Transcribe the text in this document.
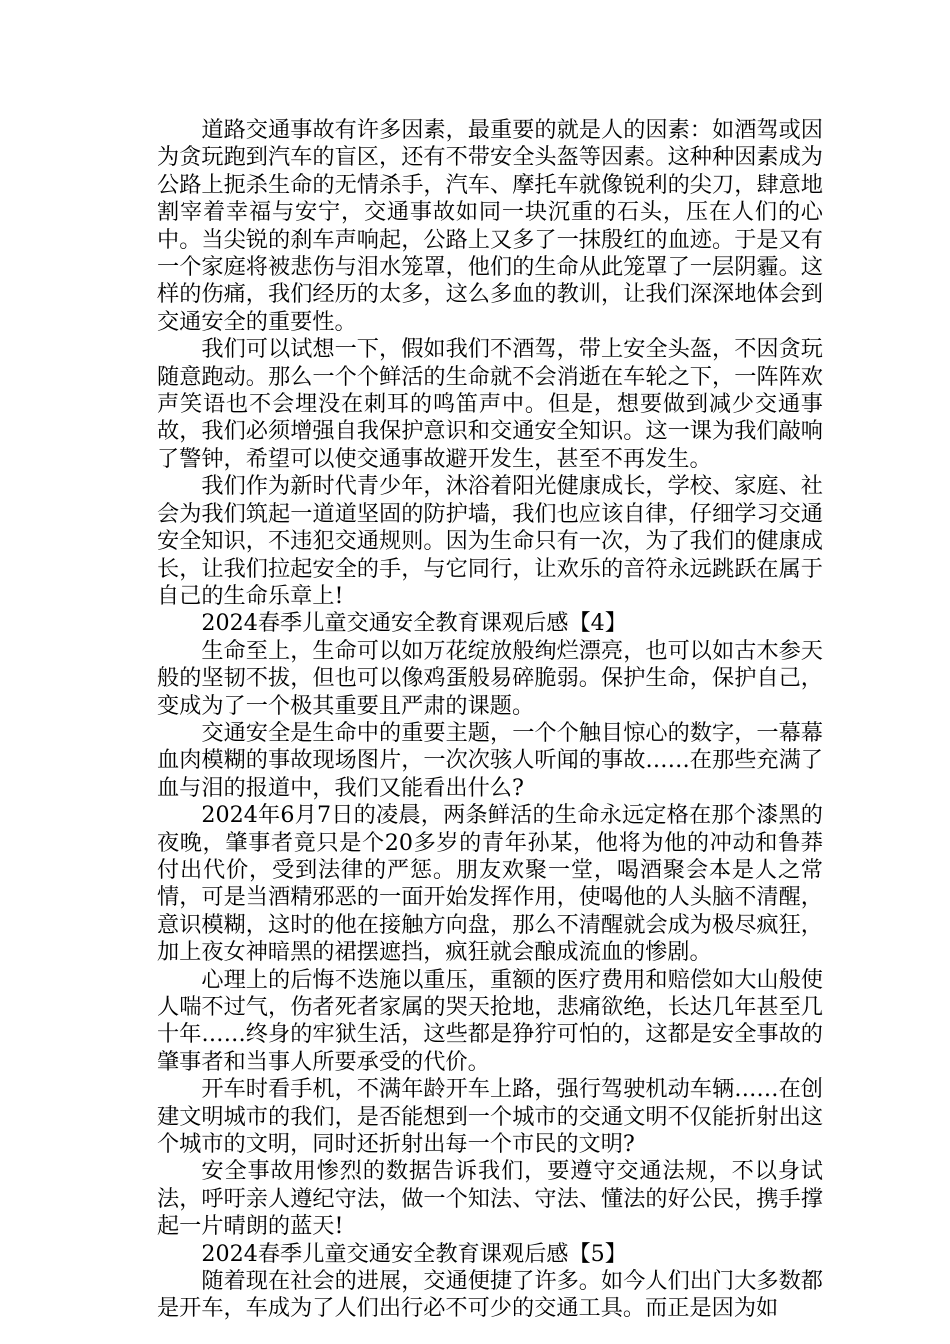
道路交通事故有许多因素，最重要的就是人的因素：如酒驾或因为贪玩跑到汽车的盲区，还有不带安全头盔等因素。这种种因素成为公路上扼杀生命的无情杀手，汽车、摩托车就像锐利的尖刀，肆意地割宰着幸福与安宁，交通事故如同一块沉重的石头，压在人们的心中。当尖锐的刹车声响起，公路上又多了一抹殷红的血迹。于是又有一个家庭将被悲伤与泪水笼罩，他们的生命从此笼罩了一层阴霾。这样的伤痛，我们经历的太多，这么多血的教训，让我们深深地体会到交通安全的重要性。

我们可以试想一下，假如我们不酒驾，带上安全头盔，不因贪玩随意跑动。那么一个个鲜活的生命就不会消逝在车轮之下，一阵阵欢声笑语也不会埋没在刺耳的鸣笛声中。但是，想要做到减少交通事故，我们必须增强自我保护意识和交通安全知识。这一课为我们敲响了警钟，希望可以使交通事故避开发生，甚至不再发生。

我们作为新时代青少年，沐浴着阳光健康成长，学校、家庭、社会为我们筑起一道道坚固的防护墙，我们也应该自律，仔细学习交通安全知识，不违犯交通规则。因为生命只有一次，为了我们的健康成长，让我们拉起安全的手，与它同行，让欢乐的音符永远跳跃在属于自己的生命乐章上!

2024春季儿童交通安全教育课观后感【4】

生命至上，生命可以如万花绽放般绚烂漂亮，也可以如古木参天般的坚韧不拔，但也可以像鸡蛋般易碎脆弱。保护生命，保护自己，变成为了一个极其重要且严肃的课题。

交通安全是生命中的重要主题，一个个触目惊心的数字，一幕幕血肉模糊的事故现场图片，一次次骇人听闻的事故……在那些充满了血与泪的报道中，我们又能看出什么?

2024年6月7日的凌晨，两条鲜活的生命永远定格在那个漆黑的夜晚，肇事者竟只是个20多岁的青年孙某，他将为他的冲动和鲁莽付出代价，受到法律的严惩。朋友欢聚一堂，喝酒聚会本是人之常情，可是当酒精邪恶的一面开始发挥作用，使喝他的人头脑不清醒，意识模糊，这时的他在接触方向盘，那么不清醒就会成为极尽疯狂，加上夜女神暗黑的裙摆遮挡，疯狂就会酿成流血的惨剧。

心理上的后悔不迭施以重压，重额的医疗费用和赔偿如大山般使人喘不过气，伤者死者家属的哭天抢地，悲痛欲绝，长达几年甚至几十年……终身的牢狱生活，这些都是狰狞可怕的，这都是安全事故的肇事者和当事人所要承受的代价。

开车时看手机，不满年龄开车上路，强行驾驶机动车辆……在创建文明城市的我们，是否能想到一个城市的交通文明不仅能折射出这个城市的文明，同时还折射出每一个市民的文明?

安全事故用惨烈的数据告诉我们，要遵守交通法规，不以身试法，呼吁亲人遵纪守法，做一个知法、守法、懂法的好公民，携手撑起一片晴朗的蓝天!

2024春季儿童交通安全教育课观后感【5】

随着现在社会的进展，交通便捷了许多。如今人们出门大多数都是开车，车成为了人们出行必不可少的交通工具。而正是因为如
